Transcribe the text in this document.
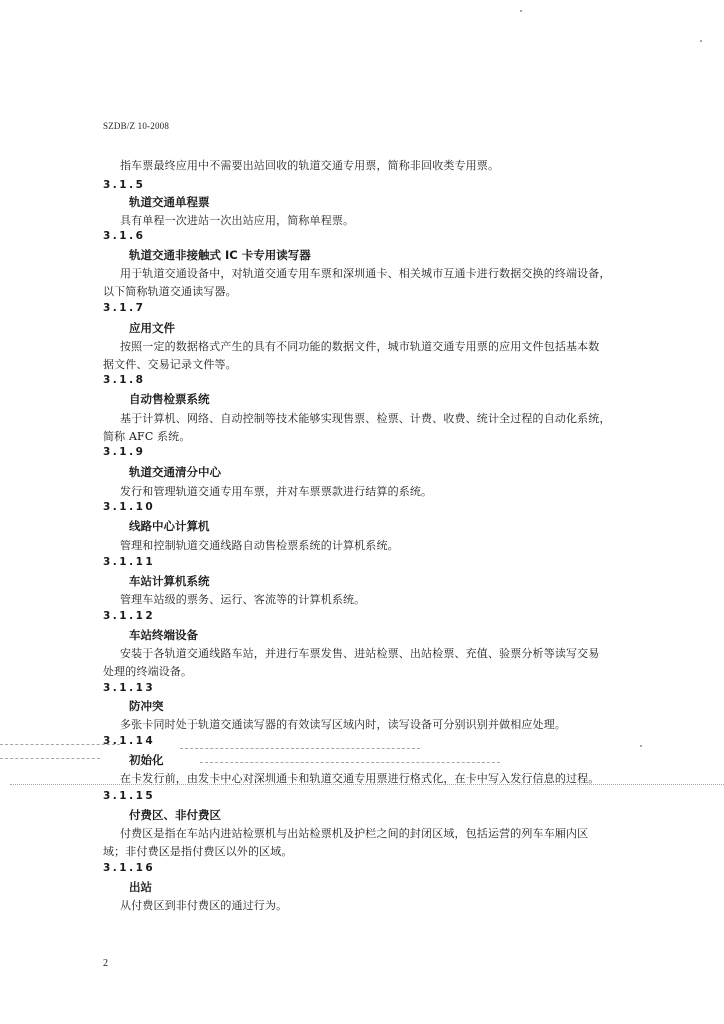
SZDB/Z 10-2008
指车票最终应用中不需要出站回收的轨道交通专用票，简称非回收类专用票。
3.1.5
轨道交通单程票
具有单程一次进站一次出站应用，简称单程票。
3.1.6
轨道交通非接触式 IC 卡专用读写器
用于轨道交通设备中，对轨道交通专用车票和深圳通卡、相关城市互通卡进行数据交换的终端设备，
以下简称轨道交通读写器。
3.1.7
应用文件
按照一定的数据格式产生的具有不同功能的数据文件，城市轨道交通专用票的应用文件包括基本数
据文件、交易记录文件等。
3.1.8
自动售检票系统
基于计算机、网络、自动控制等技术能够实现售票、检票、计费、收费、统计全过程的自动化系统，
简称 AFC 系统。
3.1.9
轨道交通清分中心
发行和管理轨道交通专用车票，并对车票票款进行结算的系统。
3.1.10
线路中心计算机
管理和控制轨道交通线路自动售检票系统的计算机系统。
3.1.11
车站计算机系统
管理车站级的票务、运行、客流等的计算机系统。
3.1.12
车站终端设备
安装于各轨道交通线路车站，并进行车票发售、进站检票、出站检票、充值、验票分析等读写交易
处理的终端设备。
3.1.13
防冲突
多张卡同时处于轨道交通读写器的有效读写区域内时，读写设备可分别识别并做相应处理。
3.1.14
初始化
在卡发行前，由发卡中心对深圳通卡和轨道交通专用票进行格式化，在卡中写入发行信息的过程。
3.1.15
付费区、非付费区
付费区是指在车站内进站检票机与出站检票机及护栏之间的封闭区域，包括运营的列车车厢内区
域；非付费区是指付费区以外的区域。
3.1.16
出站
从付费区到非付费区的通过行为。
2
